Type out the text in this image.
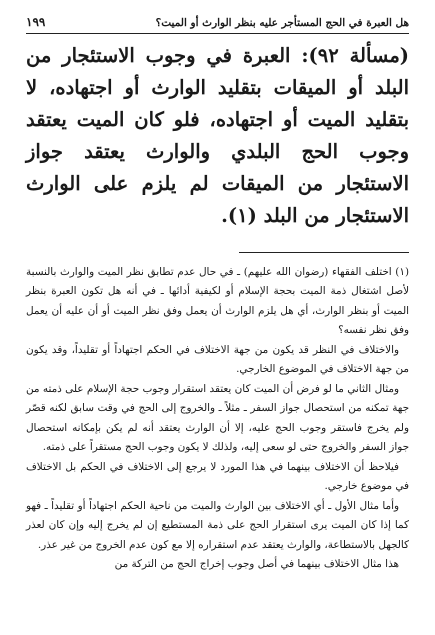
هل العبرة في الحج المستأجر عليه بنظر الوارث أو الميت؟
١٩٩

(مسألة ٩٢): العبرة في وجوب الاستئجار من البلد أو الميقات بتقليد الوارث أو اجتهاده، لا بتقليد الميت أو اجتهاده، فلو كان الميت يعتقد وجوب الحج البلدي والوارث يعتقد جواز الاستئجار من الميقات لم يلزم على الوارث الاستئجار من البلد (١).

(١) اختلف الفقهاء (رضوان الله عليهم) ـ في حال عدم تطابق نظر الميت والوارث بالنسبة لأصل اشتغال ذمة الميت بحجة الإسلام أو لكيفية أدائها ـ في أنه هل تكون العبرة بنظر الميت أو بنظر الوارث، أي هل يلزم الوارث أن يعمل وفق نظر الميت أو أن عليه أن يعمل وفق نظر نفسه؟

والاختلاف في النظر قد يكون من جهة الاختلاف في الحكم اجتهاداً أو تقليداً، وقد يكون من جهة الاختلاف في الموضوع الخارجي.

ومثال الثاني ما لو فرض أن الميت كان يعتقد استقرار وجوب حجة الإسلام على ذمته من جهة تمكنه من استحصال جواز السفر ـ مثلاً ـ والخروج إلى الحج في وقت سابق لكنه قصّر ولم يخرج فاستقر وجوب الحج عليه، إلا أن الوارث يعتقد أنه لم يكن بإمكانه استحصال جواز السفر والخروج حتى لو سعى إليه، ولذلك لا يكون وجوب الحج مستقراً على ذمته.

فيلاحظ أن الاختلاف بينهما في هذا المورد لا يرجع إلى الاختلاف في الحكم بل الاختلاف في موضوع خارجي.

وأما مثال الأول ـ أي الاختلاف بين الوارث والميت من ناحية الحكم اجتهاداً أو تقليداً ـ فهو كما إذا كان الميت يرى استقرار الحج على ذمة المستطيع إن لم يخرج إليه وإن كان لعذر كالجهل بالاستطاعة، والوارث يعتقد عدم استقراره إلا مع كون عدم الخروج من غير عذر.

هذا مثال الاختلاف بينهما في أصل وجوب إخراج الحج من التركة من
